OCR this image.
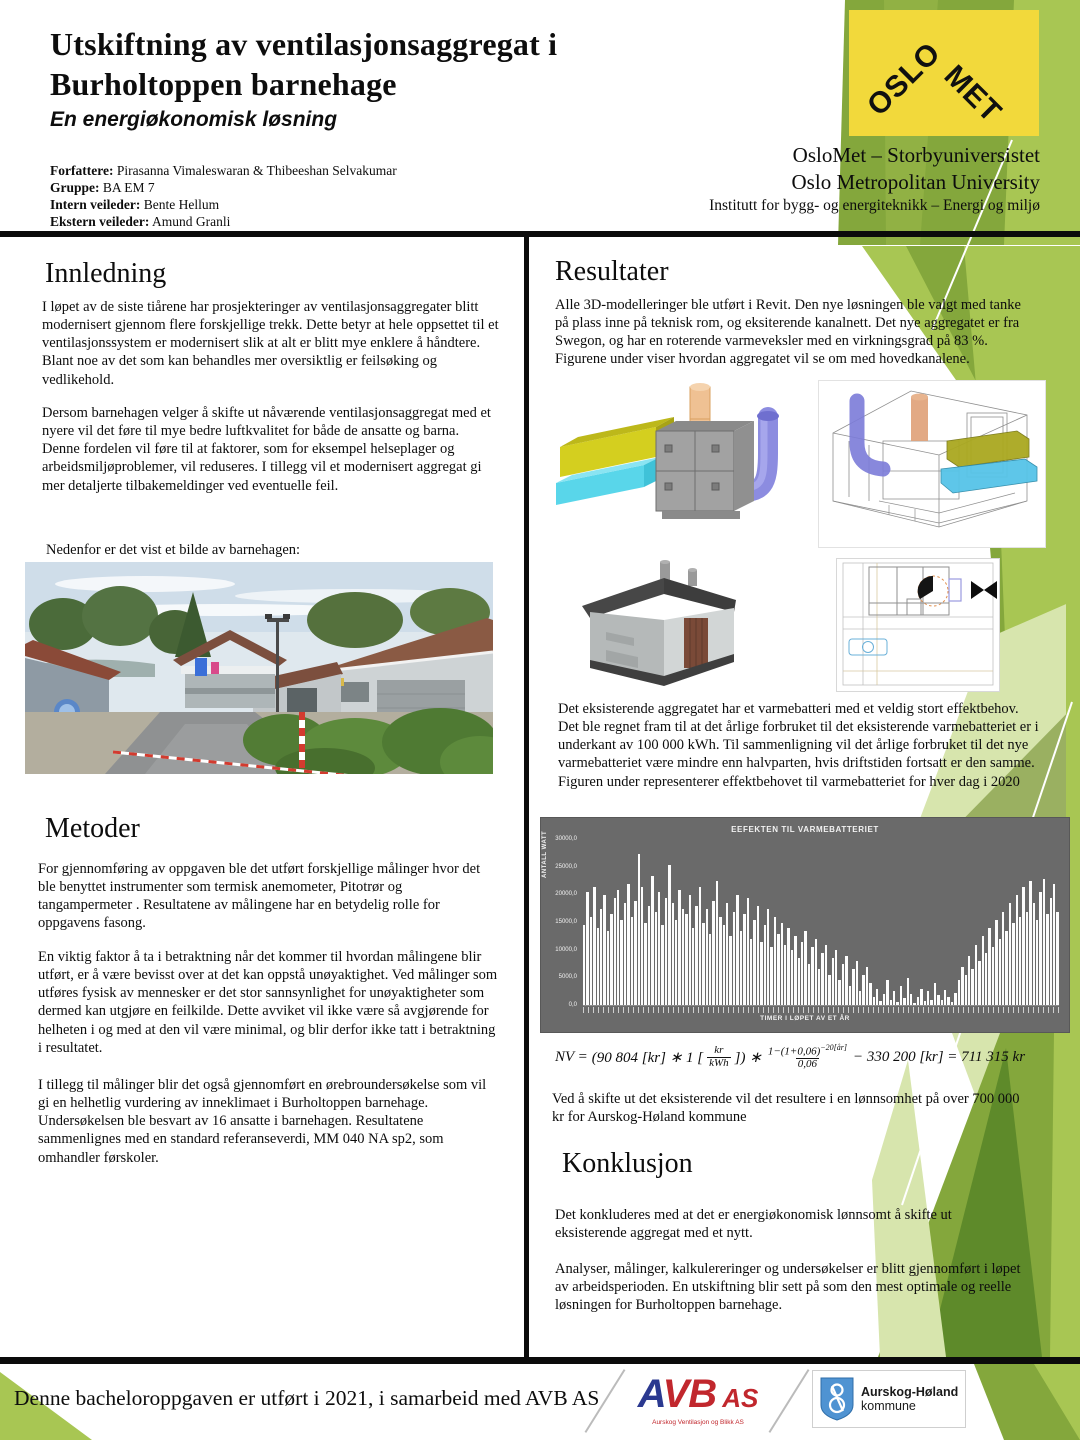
Utskiftning av ventilasjonsaggregat i
Burholtoppen barnehage
En energiøkonomisk løsning
Forfattere: Pirasanna Vimaleswaran & Thibeeshan Selvakumar
Gruppe: BA EM 7
Intern veileder: Bente Hellum
Ekstern veileder: Amund Granli
OSLO
MET
OsloMet – Storbyuniversistet
Oslo Metropolitan University
Institutt for bygg- og energiteknikk – Energi og miljø
Innledning
I løpet av de siste tiårene har prosjekteringer av ventilasjonsaggregater blitt modernisert gjennom flere forskjellige trekk. Dette betyr at hele oppsettet til et ventilasjonssystem er modernisert slik at alt er blitt mye enklere å håndtere. Blant noe av det som kan behandles mer oversiktlig er feilsøking og vedlikehold.
Dersom barnehagen velger å skifte ut nåværende ventilasjonsaggregat med et nyere vil det føre til mye bedre luftkvalitet for både de ansatte og barna. Denne fordelen vil føre til at faktorer, som for eksempel helseplager og arbeidsmiljøproblemer, vil reduseres. I tillegg vil et modernisert aggregat gi mer detaljerte tilbakemeldinger ved eventuelle feil.
Nedenfor er det vist et bilde av barnehagen:
Metoder
For gjennomføring av oppgaven ble det utført forskjellige målinger hvor det ble benyttet instrumenter som termisk anemometer, Pitotrør og tangampermeter . Resultatene av målingene har en betydelig rolle for oppgavens fasong.
En viktig faktor å ta i betraktning når det kommer til hvordan målingene blir utført, er å være bevisst over at det kan oppstå unøyaktighet. Ved målinger som utføres fysisk av mennesker er det stor sannsynlighet for unøyaktigheter som dermed kan utgjøre en feilkilde. Dette avviket vil ikke være så avgjørende for helheten i og med at den vil være minimal, og blir derfor ikke tatt i betraktning i resultatet.
I tillegg til målinger blir det også gjennomført en ørebroundersøkelse som vil gi en helhetlig vurdering av inneklimaet i Burholtoppen barnehage. Undersøkelsen ble besvart av 16 ansatte i barnehagen. Resultatene sammenlignes med en standard referanseverdi, MM 040 NA sp2, som omhandler førskoler.
Resultater
Alle 3D-modelleringer ble utført i Revit. Den nye løsningen ble valgt med tanke på plass inne på teknisk rom, og eksiterende kanalnett. Det nye aggregatet er fra Swegon, og har en roterende varmeveksler med en virkningsgrad på 83 %. Figurene under viser hvordan aggregatet vil se om med hovedkanalene.
Det eksisterende aggregatet har et varmebatteri med et veldig stort effektbehov. Det ble regnet fram til at det årlige forbruket til det eksisterende varmebatteriet er i underkant av 100 000 kWh. Til sammenligning vil det årlige forbruket til det nye varmebatteriet være mindre enn halvparten, hvis driftstiden fortsatt er den samme. Figuren under representerer effektbehovet til varmebatteriet for hver dag i 2020
EEFEKTEN TIL VARMEBATTERIET
ANTALL WATT	30000,0
25000,0
20000,0
15000,0
10000,0
5000,0
0,0
TIMER I LØPET AV ET ÅR
NV = (90 804 [kr] ∗ 1 [ $\frac{kr}{\text{kWh}}$ ]) ∗ $\frac{1-(1+0,06)^{-20[år]}}{0,06} - 330$ 200 [kr] = 711 315 kr
Ved å skifte ut det eksisterende vil det resultere i en lønnsomhet på over 700 000 kr for Aurskog-Høland kommune
Konklusjon
Det konkluderes med at det er energiøkonomisk lønnsomt å skifte ut eksisterende aggregat med et nytt.
Analyser, målinger, kalkulereringer og undersøkelser er blitt gjennomført i løpet av arbeidsperioden. En utskiftning blir sett på som den mest optimale og reelle løsningen for Burholtoppen barnehage.
Denne bacheloroppgaven er utført i 2021, i samarbeid med AVB AS AVB AS
Aurskog Ventilasjon og Blikk AS
Aurskog-Høland
kommune
